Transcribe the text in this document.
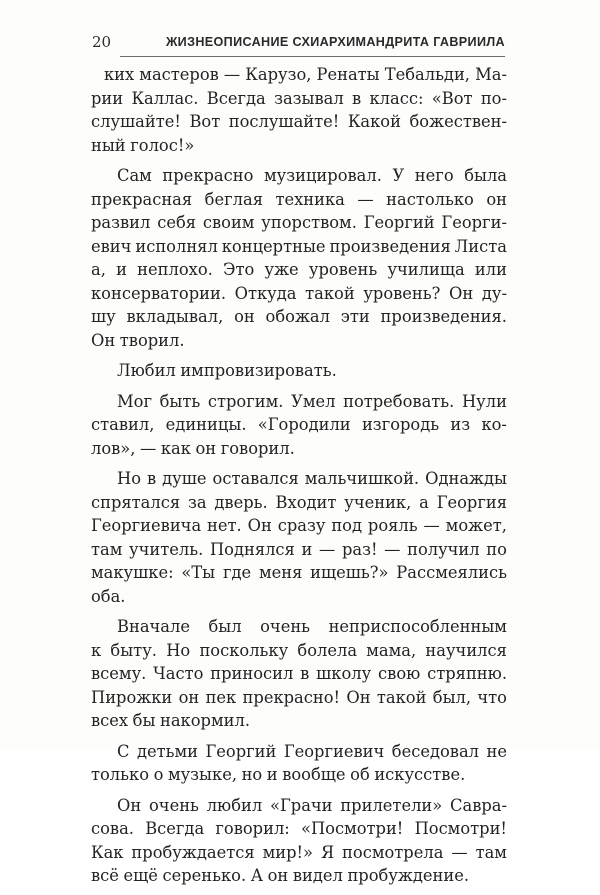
20	ЖИЗНЕОПИСАНИЕ СХИАРХИМАНДРИТА ГАВРИИЛА
ких мастеров — Карузо, Ренаты Тебальди, Ма-
рии Каллас. Всегда зазывал в класс: «Вот по-
слушайте! Вот послушайте! Какой божествен-
ный голос!»
Сам прекрасно музицировал. У него была
прекрасная беглая техника — настолько он
развил себя своим упорством. Георгий Георги-
евич исполнял концертные произведения Листа
а, и неплохо. Это уже уровень училища или
консерватории. Откуда такой уровень? Он ду-
шу вкладывал, он обожал эти произведения.
Он творил.
Любил импровизировать.
Мог быть строгим. Умел потребовать. Нули
ставил, единицы. «Городили изгородь из ко-
лов», — как он говорил.
Но в душе оставался мальчишкой. Однажды
спрятался за дверь. Входит ученик, а Георгия
Георгиевича нет. Он сразу под рояль — может,
там учитель. Поднялся и — раз! — получил по
макушке: «Ты где меня ищешь?» Рассмеялись
оба.
Вначале был очень неприспособленным
к быту. Но поскольку болела мама, научился
всему. Часто приносил в школу свою стряпню.
Пирожки он пек прекрасно! Он такой был, что
всех бы накормил.
С детьми Георгий Георгиевич беседовал не
только о музыке, но и вообще об искусстве.
Он очень любил «Грачи прилетели» Савра-
сова. Всегда говорил: «Посмотри! Посмотри!
Как пробуждается мир!» Я посмотрела — там
всё ещё серенько. А он видел пробуждение.
